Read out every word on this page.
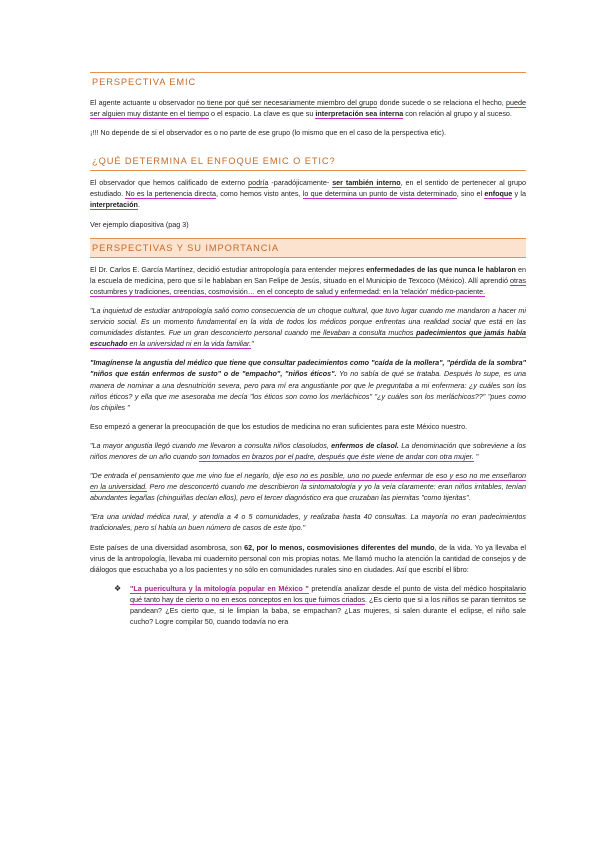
PERSPECTIVA EMIC

El agente actuante u observador no tiene por qué ser necesariamente miembro del grupo donde sucede o se relaciona el hecho, puede ser alguien muy distante en el tiempo o el espacio. La clave es que su interpretación sea interna con relación al grupo y al suceso.

¡!!! No depende de si el observador es o no parte de ese grupo (lo mismo que en el caso de la perspectiva etic).

¿QUÉ DETERMINA EL ENFOQUE EMIC O ETIC?

El observador que hemos calificado de externo podría -paradójicamente- ser también interno, en el sentido de pertenecer al grupo estudiado. No es la pertenencia directa, como hemos visto antes, lo que determina un punto de vista determinado, sino el enfoque y la interpretación.

Ver ejemplo diapositiva (pag 3)

PERSPECTIVAS Y SU IMPORTANCIA

El Dr. Carlos E. García Martínez, decidió estudiar antropología para entender mejores enfermedades de las que nunca le hablaron en la escuela de medicina, pero que si le hablaban en San Felipe de Jesús, situado en el Municipio de Texcoco (México). Allí aprendió otras costumbres y tradiciones, creencias, cosmovisión… en el concepto de salud y enfermedad: en la 'relación' médico-paciente.

"La inquietud de estudiar antropología salió como consecuencia de un choque cultural, que tuvo lugar cuando me mandaron a hacer mi servicio social. Es un momento fundamental en la vida de todos los médicos porque enfrentas una realidad social que está en las comunidades distantes. Fue un gran desconcierto personal cuando me llevaban a consulta muchos padecimientos que jamás había escuchado en la universidad ni en la vida familiar."

"Imagínense la angustia del médico que tiene que consultar padecimientos como "caída de la mollera", "pérdida de la sombra" "niños que están enfermos de susto" o de "empacho", "niños éticos". Yo no sabía de qué se trataba. Después lo supe, es una manera de nominar a una desnutrición severa, pero para mí era angustiante por que le preguntaba a mi enfermera: ¿y cuáles son los niños éticos? y ella que me asesoraba me decía "los éticos son como los merláchicos" "¿y cuáles son los merláchicos??" "pues como los chipiles "

Eso empezó a generar la preocupación de que los estudios de medicina no eran suficientes para este México nuestro.

"La mayor angustia llegó cuando me llevaron a consulta niños clasoludos, enfermos de clasol. La denominación que sobreviene a los niños menores de un año cuando son tomados en brazos por el padre, después que éste viene de andar con otra mujer. "

"De entrada el pensamiento que me vino fue el negarlo, dije eso no es posible, uno no puede enfermar de eso y eso no me enseñaron en la universidad. Pero me desconcertó cuando me describieron la sintomatología y yo la veía claramente: eran niños irritables, tenían abundantes legañas (chinguiñas decían ellos), pero el tercer diagnóstico era que cruzaban las piernitas "como tijeritas".

"Era una unidad médica rural, y atendía a 4 o 5 comunidades, y realizaba hasta 40 consultas. La mayoría no eran padecimientos tradicionales, pero sí había un buen número de casos de este tipo."

Este países de una diversidad asombrosa, son 62, por lo menos, cosmovisiones diferentes del mundo, de la vida. Yo ya llevaba el virus de la antropología, llevaba mi cuadernito personal con mis propias notas. Me llamó mucho la atención la cantidad de consejos y de diálogos que escuchaba yo a los pacientes y no sólo en comunidades rurales sino en ciudades. Así que escribí el libro:

❖	"La puericultura y la mitología popular en México " pretendía analizar desde el punto de vista del médico hospitalario qué tanto hay de cierto o no en esos conceptos en los que fuimos criados. ¿Es cierto que si a los niños se paran tiernitos se pandean? ¿Es cierto que, si le limpian la baba, se empachan? ¿Las mujeres, si salen durante el eclipse, el niño sale cucho? Logre compilar 50, cuando todavía no era
